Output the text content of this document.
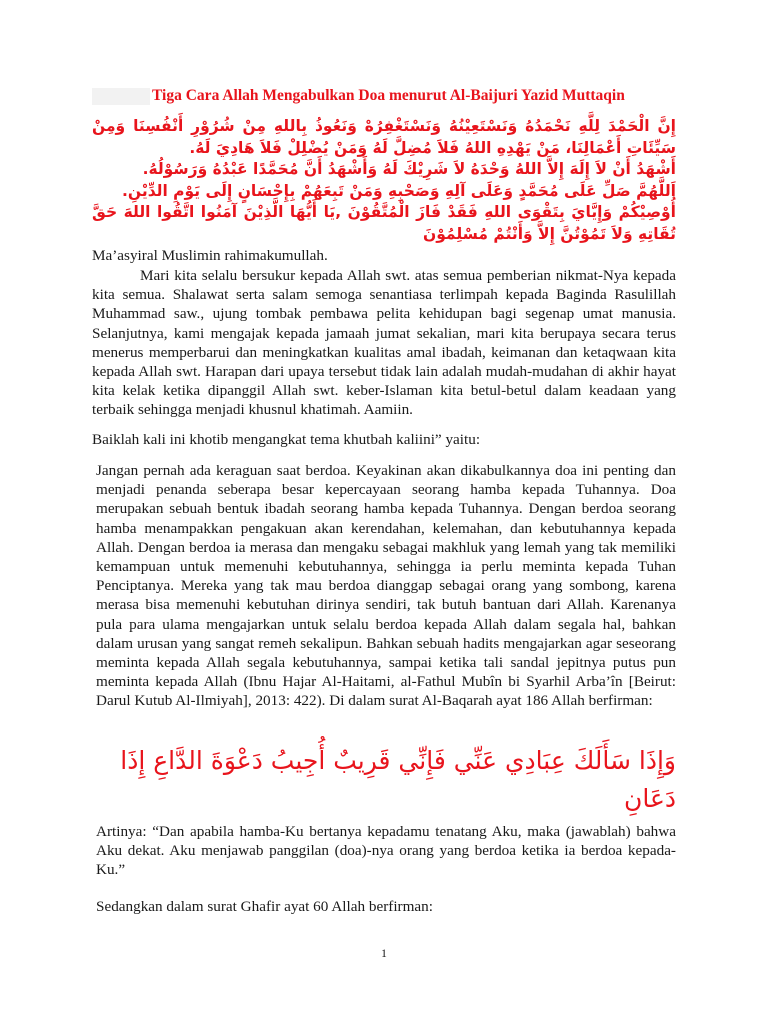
Tiga Cara Allah Mengabulkan Doa menurut Al-Baijuri Yazid Muttaqin

إِنَّ الْحَمْدَ لِلَّهِ نَحْمَدُهُ وَنَسْتَعِيْنُهُ وَنَسْتَغْفِرُهْ وَنَعُوذُ بِاللهِ مِنْ شُرُوْرِ أَنْفُسِنَا وَمِنْ سَيِّئَاتِ أَعْمَالِنَا، مَنْ يَهْدِهِ اللهُ فَلاَ مُضِلَّ لَهُ وَمَنْ يُضْلِلْ فَلاَ هَادِيَ لَهُ.

أَشْهَدُ أَنْ لاَ إِلَهَ إِلاَّ اللهُ وَحْدَهُ لاَ شَرِيْكَ لَهُ وَأَشْهَدُ أَنَّ مُحَمَّدًا عَبْدُهُ وَرَسُوْلُهُ.

اَللَّهُمَّ صَلِّ عَلَى مُحَمَّدٍ وَعَلَى آلِهِ وَصَحْبِهِ وَمَنْ تَبِعَهُمْ بِإِحْسَانٍ إِلَى يَوْمِ الدِّيْنِ.

أُوْصِيْكُمْ وَإِيَّايَ بِتَقْوَى اللهِ فَقَدْ فَازَ الْمُتَّقُوْنَ ,يَا أَيُّهَا الَّذِيْنَ آمَنُوا اتَّقُوا اللهَ حَقَّ تُقَاتِهِ وَلاَ تَمُوْتُنَّ إِلاَّ وَأَنْتُمْ مُسْلِمُوْنَ

Ma’asyiral Muslimin rahimakumullah.
Mari kita selalu bersukur kepada Allah swt. atas semua pemberian nikmat-Nya kepada kita semua. Shalawat serta salam semoga senantiasa terlimpah kepada Baginda Rasulillah Muhammad saw., ujung tombak pembawa pelita kehidupan bagi segenap umat manusia. Selanjutnya, kami mengajak kepada jamaah jumat sekalian, mari kita berupaya secara terus menerus memperbarui dan meningkatkan kualitas amal ibadah, keimanan dan ketaqwaan kita kepada Allah swt. Harapan dari upaya tersebut tidak lain adalah mudah-mudahan di akhir hayat kita kelak ketika dipanggil Allah swt. keber-Islaman kita betul-betul dalam keadaan yang terbaik sehingga menjadi khusnul khatimah. Aamiin.
Baiklah kali ini khotib mengangkat tema khutbah kaliini” yaitu:
Jangan pernah ada keraguan saat berdoa. Keyakinan akan dikabulkannya doa ini penting dan menjadi penanda seberapa besar kepercayaan seorang hamba kepada Tuhannya. Doa merupakan sebuah bentuk ibadah seorang hamba kepada Tuhannya. Dengan berdoa seorang hamba menampakkan pengakuan akan kerendahan, kelemahan, dan kebutuhannya kepada Allah. Dengan berdoa ia merasa dan mengaku sebagai makhluk yang lemah yang tak memiliki kemampuan untuk memenuhi kebutuhannya, sehingga ia perlu meminta kepada Tuhan Penciptanya. Mereka yang tak mau berdoa dianggap sebagai orang yang sombong, karena merasa bisa memenuhi kebutuhan dirinya sendiri, tak butuh bantuan dari Allah. Karenanya pula para ulama mengajarkan untuk selalu berdoa kepada Allah dalam segala hal, bahkan dalam urusan yang sangat remeh sekalipun. Bahkan sebuah hadits mengajarkan agar seseorang meminta kepada Allah segala kebutuhannya, sampai ketika tali sandal jepitnya putus pun meminta kepada Allah (Ibnu Hajar Al-Haitami, al-Fathul Mubîn bi Syarhil Arba’în [Beirut: Darul Kutub Al-Ilmiyah], 2013: 422). Di dalam surat Al-Baqarah ayat 186 Allah berfirman:
وَإِذَا سَأَلَكَ عِبَادِي عَنِّي فَإِنِّي قَرِيبٌ أُجِيبُ دَعْوَةَ الدَّاعِ إِذَا دَعَانِ
Artinya: “Dan apabila hamba-Ku bertanya kepadamu tenatang Aku, maka (jawablah) bahwa Aku dekat. Aku menjawab panggilan (doa)-nya orang yang berdoa ketika ia berdoa kepada-Ku.”
Sedangkan dalam surat Ghafir ayat 60 Allah berfirman:
1
